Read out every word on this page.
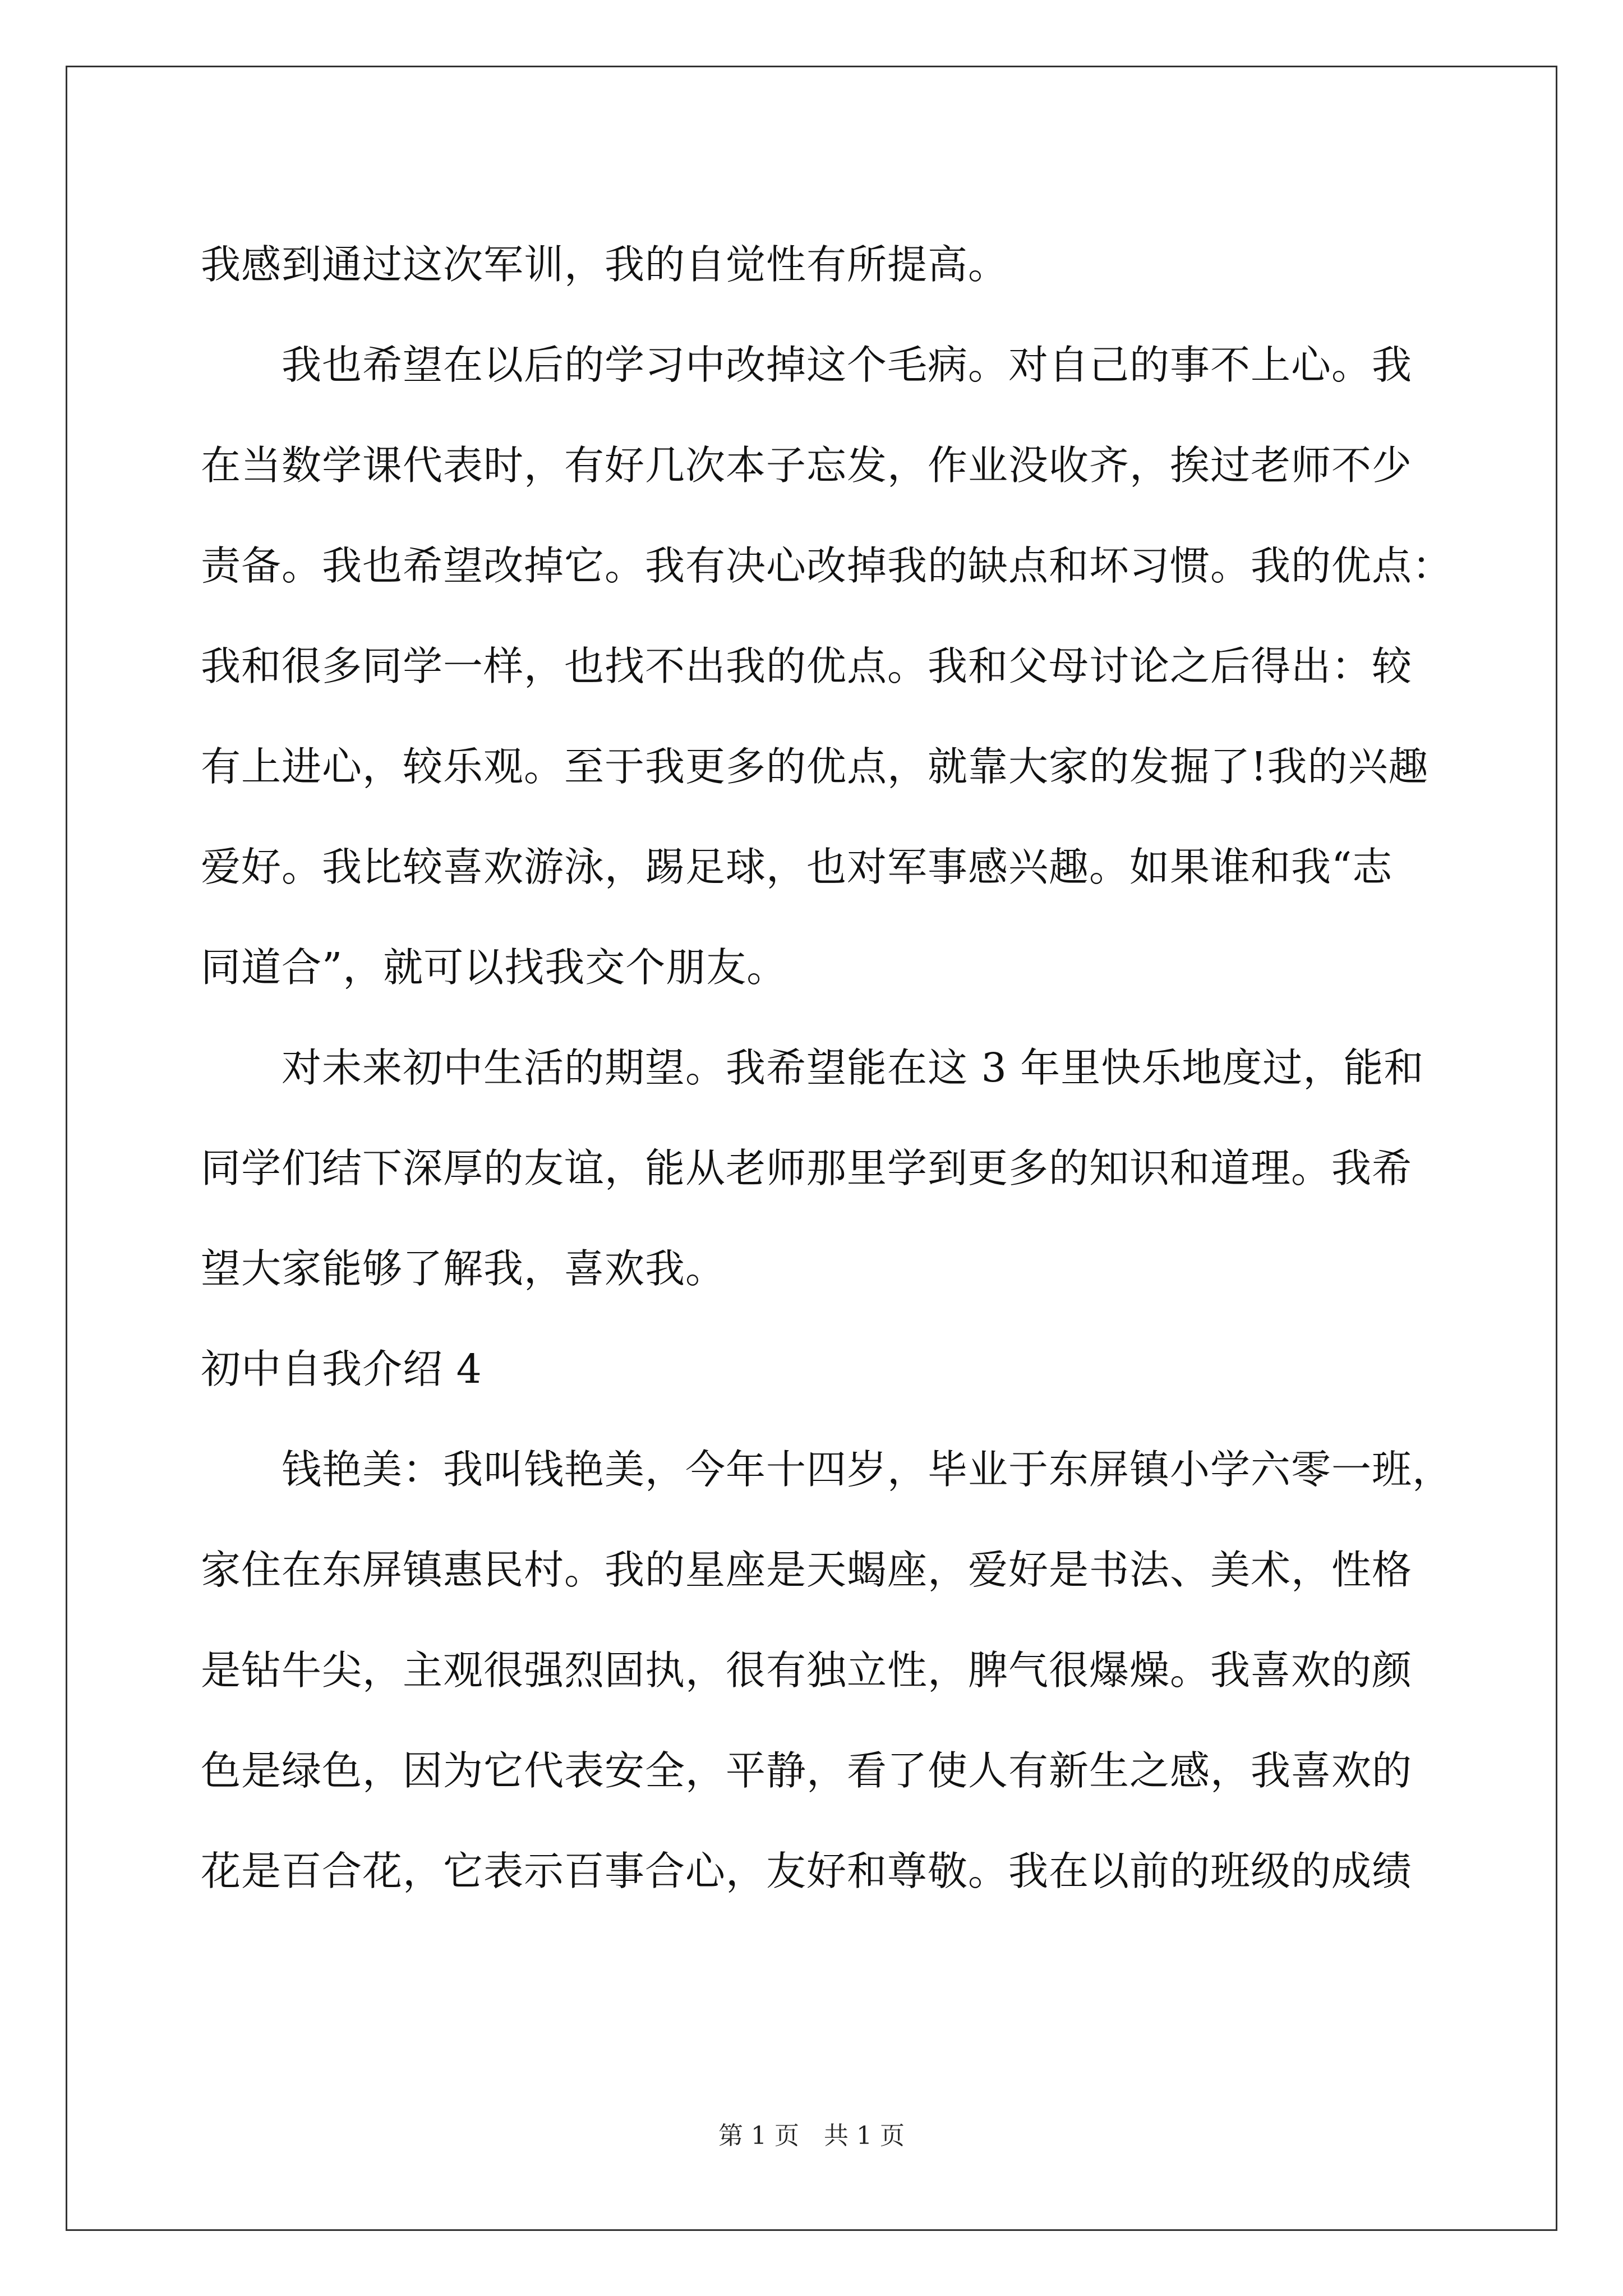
我感到通过这次军训，我的自觉性有所提高。
　　我也希望在以后的学习中改掉这个毛病。对自己的事不上心。我
在当数学课代表时，有好几次本子忘发，作业没收齐，挨过老师不少
责备。我也希望改掉它。我有决心改掉我的缺点和坏习惯。我的优点：
我和很多同学一样，也找不出我的优点。我和父母讨论之后得出：较
有上进心，较乐观。至于我更多的优点，就靠大家的发掘了!我的兴趣
爱好。我比较喜欢游泳，踢足球，也对军事感兴趣。如果谁和我“志
同道合”，就可以找我交个朋友。
　　对未来初中生活的期望。我希望能在这 3 年里快乐地度过，能和
同学们结下深厚的友谊，能从老师那里学到更多的知识和道理。我希
望大家能够了解我，喜欢我。
初中自我介绍 4
　　钱艳美：我叫钱艳美，今年十四岁，毕业于东屏镇小学六零一班，
家住在东屏镇惠民村。我的星座是天蝎座，爱好是书法、美术，性格
是钻牛尖，主观很强烈固执，很有独立性，脾气很爆燥。我喜欢的颜
色是绿色，因为它代表安全，平静，看了使人有新生之感，我喜欢的
花是百合花，它表示百事合心，友好和尊敬。我在以前的班级的成绩
第 1 页　共 1 页
